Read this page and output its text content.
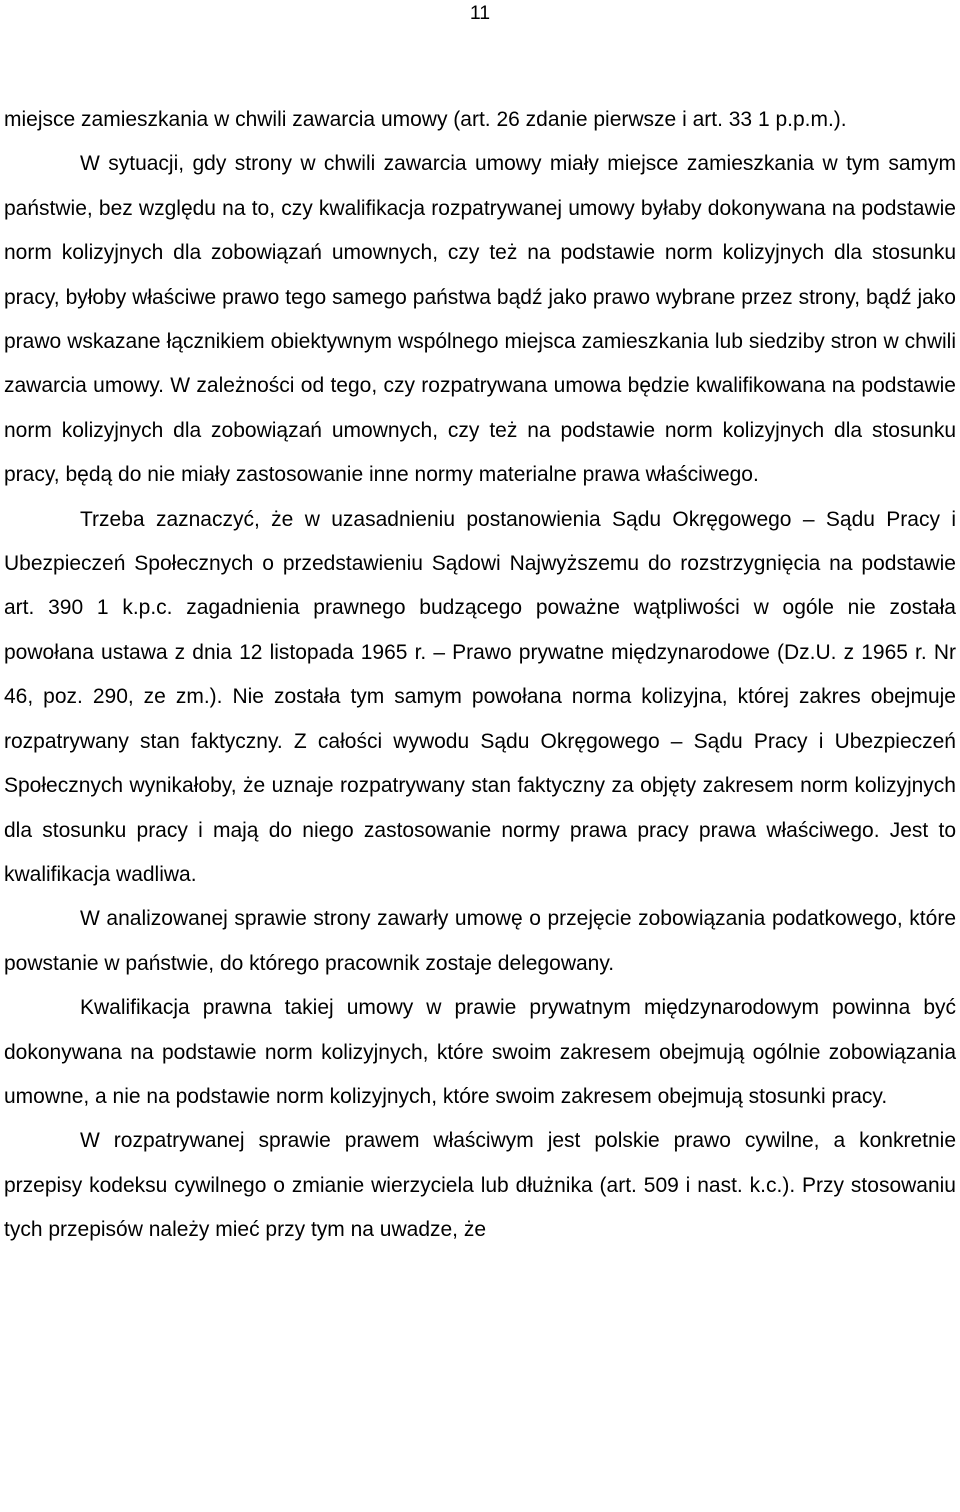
11

miejsce zamieszkania w chwili zawarcia umowy (art. 26 zdanie pierwsze i art. 33 1 p.p.m.).

W sytuacji, gdy strony w chwili zawarcia umowy miały miejsce zamieszkania w tym samym państwie, bez względu na to, czy kwalifikacja rozpatrywanej umowy byłaby dokonywana na podstawie norm kolizyjnych dla zobowiązań umownych, czy też na podstawie norm kolizyjnych dla stosunku pracy, byłoby właściwe prawo tego samego państwa bądź jako prawo wybrane przez strony, bądź jako prawo wskazane łącznikiem obiektywnym wspólnego miejsca zamieszkania lub siedziby stron w chwili zawarcia umowy. W zależności od tego, czy rozpatrywana umowa będzie kwalifikowana na podstawie norm kolizyjnych dla zobowiązań umownych, czy też na podstawie norm kolizyjnych dla stosunku pracy, będą do nie miały zastosowanie inne normy materialne prawa właściwego.

Trzeba zaznaczyć, że w uzasadnieniu postanowienia Sądu Okręgowego – Sądu Pracy i Ubezpieczeń Społecznych o przedstawieniu Sądowi Najwyższemu do rozstrzygnięcia na podstawie art. 390 1 k.p.c. zagadnienia prawnego budzącego poważne wątpliwości w ogóle nie została powołana ustawa z dnia 12 listopada 1965 r. – Prawo prywatne międzynarodowe (Dz.U. z 1965 r. Nr 46, poz. 290, ze zm.). Nie została tym samym powołana norma kolizyjna, której zakres obejmuje rozpatrywany stan faktyczny. Z całości wywodu Sądu Okręgowego – Sądu Pracy i Ubezpieczeń Społecznych wynikałoby, że uznaje rozpatrywany stan faktyczny za objęty zakresem norm kolizyjnych dla stosunku pracy i mają do niego zastosowanie normy prawa pracy prawa właściwego. Jest to kwalifikacja wadliwa.

W analizowanej sprawie strony zawarły umowę o przejęcie zobowiązania podatkowego, które powstanie w państwie, do którego pracownik zostaje delegowany.

Kwalifikacja prawna takiej umowy w prawie prywatnym międzynarodowym powinna być dokonywana na podstawie norm kolizyjnych, które swoim zakresem obejmują ogólnie zobowiązania umowne, a nie na podstawie norm kolizyjnych, które swoim zakresem obejmują stosunki pracy.

W rozpatrywanej sprawie prawem właściwym jest polskie prawo cywilne, a konkretnie przepisy kodeksu cywilnego o zmianie wierzyciela lub dłużnika (art. 509 i nast. k.c.). Przy stosowaniu tych przepisów należy mieć przy tym na uwadze, że
